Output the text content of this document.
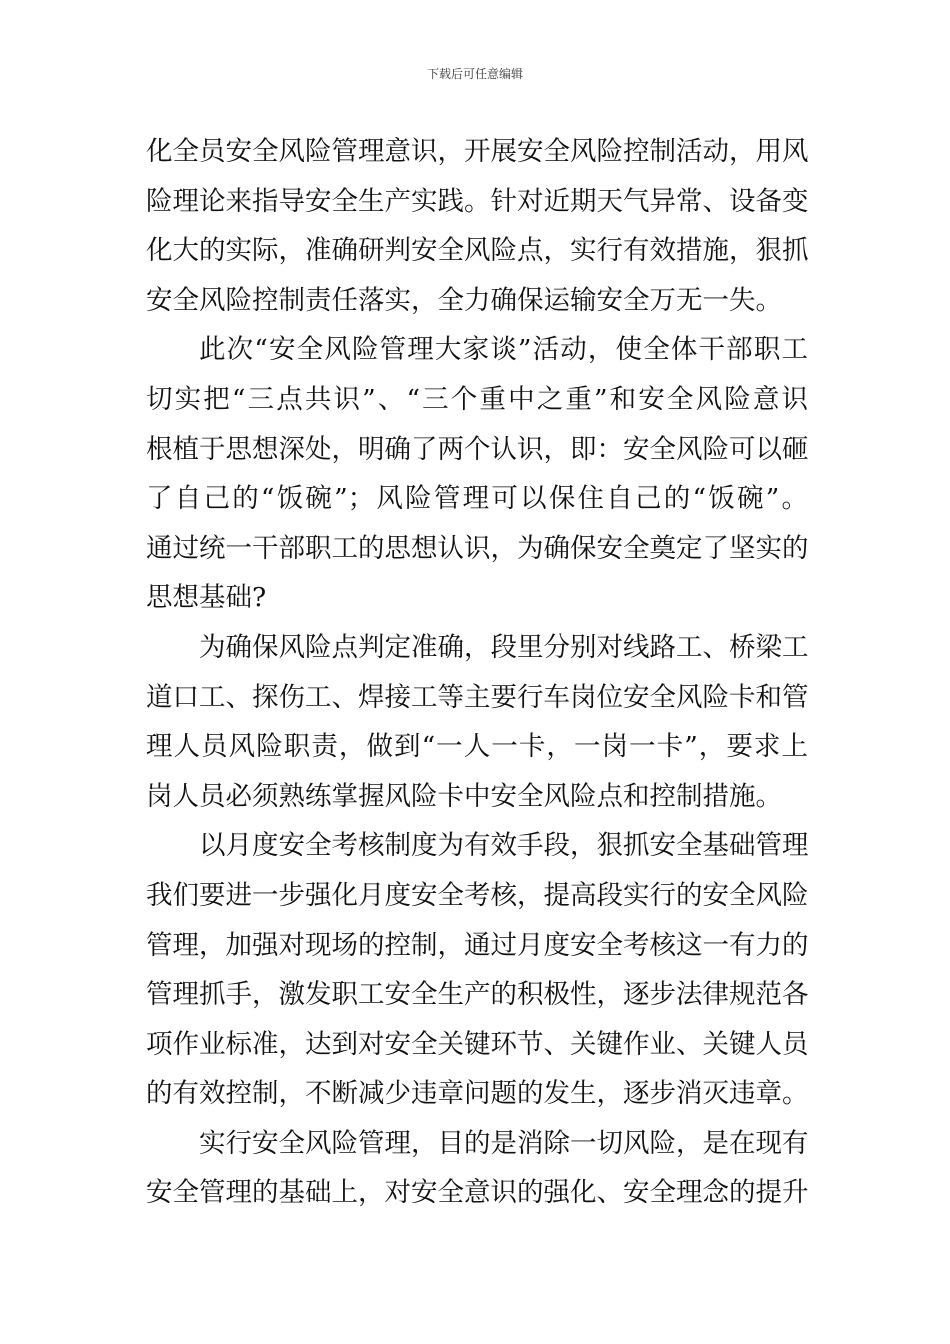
下载后可任意编辑
化全员安全风险管理意识，开展安全风险控制活动，用风
险理论来指导安全生产实践。针对近期天气异常、设备变
化大的实际，准确研判安全风险点，实行有效措施，狠抓
安全风险控制责任落实，全力确保运输安全万无一失。
此次“安全风险管理大家谈”活动，使全体干部职工
切实把“三点共识”、“三个重中之重”和安全风险意识
根植于思想深处，明确了两个认识，即：安全风险可以砸
了自己的“饭碗”；风险管理可以保住自己的“饭碗”。
通过统一干部职工的思想认识，为确保安全奠定了坚实的
思想基础?
为确保风险点判定准确，段里分别对线路工、桥梁工
道口工、探伤工、焊接工等主要行车岗位安全风险卡和管
理人员风险职责，做到“一人一卡，一岗一卡”，要求上
岗人员必须熟练掌握风险卡中安全风险点和控制措施。
以月度安全考核制度为有效手段，狠抓安全基础管理
我们要进一步强化月度安全考核，提高段实行的安全风险
管理，加强对现场的控制，通过月度安全考核这一有力的
管理抓手，激发职工安全生产的积极性，逐步法律规范各
项作业标准，达到对安全关键环节、关键作业、关键人员
的有效控制，不断减少违章问题的发生，逐步消灭违章。
实行安全风险管理，目的是消除一切风险，是在现有
安全管理的基础上，对安全意识的强化、安全理念的提升
